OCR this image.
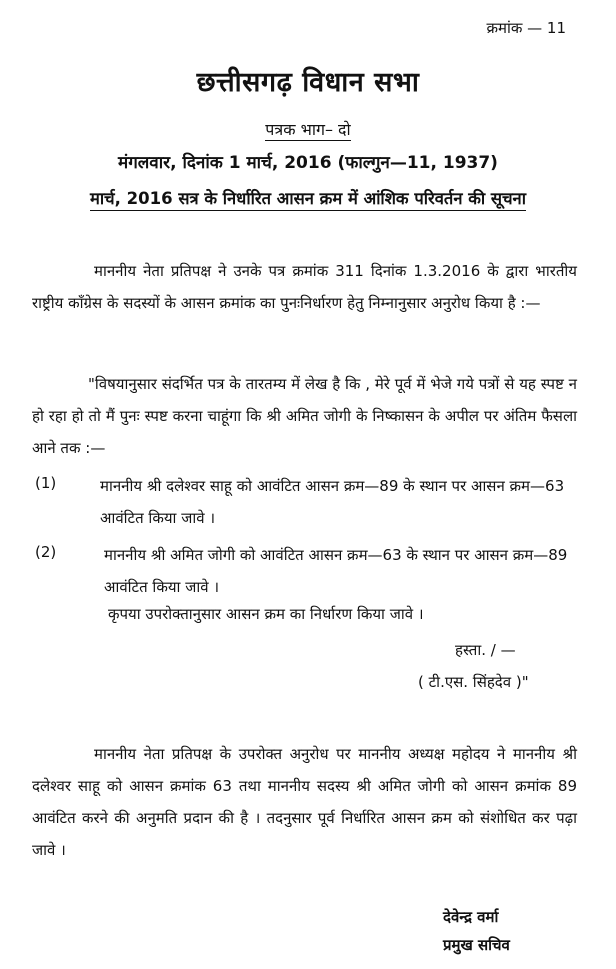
क्रमांक — 11
छत्तीसगढ़ विधान सभा
पत्रक भाग– दो
मंगलवार, दिनांक 1 मार्च, 2016 (फाल्गुन—11, 1937)
मार्च, 2016 सत्र के निर्धारित आसन क्रम में आंशिक परिवर्तन की सूचना
माननीय नेता प्रतिपक्ष ने उनके पत्र क्रमांक 311 दिनांक 1.3.2016 के द्वारा भारतीय राष्ट्रीय कॉंग्रेस के सदस्यों के आसन क्रमांक का पुनःनिर्धारण हेतु निम्नानुसार अनुरोध किया है :—
"विषयानुसार संदर्भित पत्र के तारतम्य में लेख है कि , मेरे पूर्व में भेजे गये पत्रों से यह स्पष्ट न हो रहा हो तो मैं पुनः स्पष्ट करना चाहूंगा कि श्री अमित जोगी के निष्कासन के अपील पर अंतिम फैसला आने तक :—
(1)	माननीय श्री दलेश्वर साहू को आवंटित आसन क्रम—89 के स्थान पर आसन क्रम—63 आवंटित किया जावे ।
(2)	माननीय श्री अमित जोगी को आवंटित आसन क्रम—63 के स्थान पर आसन क्रम—89 आवंटित किया जावे ।
कृपया उपरोक्तानुसार आसन क्रम का निर्धारण किया जावे ।
हस्ता. / —
( टी.एस. सिंहदेव )"
माननीय नेता प्रतिपक्ष के उपरोक्त अनुरोध पर माननीय अध्यक्ष महोदय ने माननीय श्री दलेश्वर साहू को आसन क्रमांक 63 तथा माननीय सदस्य श्री अमित जोगी को आसन क्रमांक 89 आवंटित करने की अनुमति प्रदान की है । तदनुसार पूर्व निर्धारित आसन क्रम को संशोधित कर पढ़ा जावे ।
देवेन्द्र वर्मा
प्रमुख सचिव
